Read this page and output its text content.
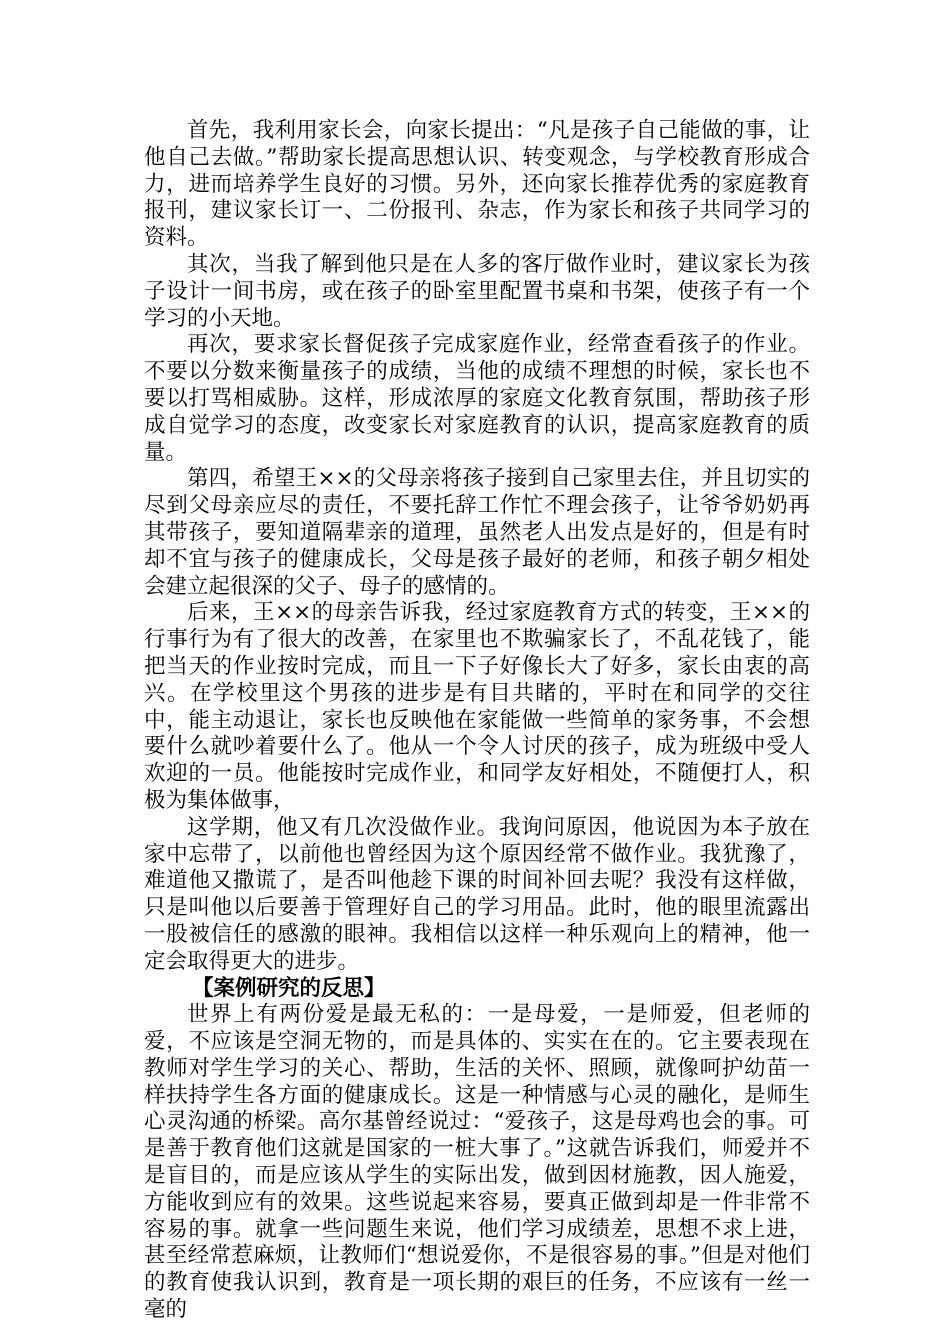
首先，我利用家长会，向家长提出：“凡是孩子自己能做的事，让他自己去做。”帮助家长提高思想认识、转变观念，与学校教育形成合力，进而培养学生良好的习惯。另外，还向家长推荐优秀的家庭教育报刊，建议家长订一、二份报刊、杂志，作为家长和孩子共同学习的资料。

其次，当我了解到他只是在人多的客厅做作业时，建议家长为孩子设计一间书房，或在孩子的卧室里配置书桌和书架，使孩子有一个学习的小天地。

再次，要求家长督促孩子完成家庭作业，经常查看孩子的作业。不要以分数来衡量孩子的成绩，当他的成绩不理想的时候，家长也不要以打骂相威胁。这样，形成浓厚的家庭文化教育氛围，帮助孩子形成自觉学习的态度，改变家长对家庭教育的认识，提高家庭教育的质量。

第四，希望王××的父母亲将孩子接到自己家里去住，并且切实的尽到父母亲应尽的责任，不要托辞工作忙不理会孩子，让爷爷奶奶再其带孩子，要知道隔辈亲的道理，虽然老人出发点是好的，但是有时却不宜与孩子的健康成长，父母是孩子最好的老师，和孩子朝夕相处会建立起很深的父子、母子的感情的。

后来，王××的母亲告诉我，经过家庭教育方式的转变，王××的行事行为有了很大的改善，在家里也不欺骗家长了，不乱花钱了，能把当天的作业按时完成，而且一下子好像长大了好多，家长由衷的高兴。在学校里这个男孩的进步是有目共睹的，平时在和同学的交往中，能主动退让，家长也反映他在家能做一些简单的家务事，不会想要什么就吵着要什么了。他从一个令人讨厌的孩子，成为班级中受人欢迎的一员。他能按时完成作业，和同学友好相处，不随便打人，积极为集体做事，

这学期，他又有几次没做作业。我询问原因，他说因为本子放在家中忘带了，以前他也曾经因为这个原因经常不做作业。我犹豫了，难道他又撒谎了，是否叫他趁下课的时间补回去呢？我没有这样做，只是叫他以后要善于管理好自己的学习用品。此时，他的眼里流露出一股被信任的感激的眼神。我相信以这样一种乐观向上的精神，他一定会取得更大的进步。

【案例研究的反思】

世界上有两份爱是最无私的：一是母爱，一是师爱，但老师的爱，不应该是空洞无物的，而是具体的、实实在在的。它主要表现在教师对学生学习的关心、帮助，生活的关怀、照顾，就像呵护幼苗一样扶持学生各方面的健康成长。这是一种情感与心灵的融化，是师生心灵沟通的桥梁。高尔基曾经说过：“爱孩子，这是母鸡也会的事。可是善于教育他们这就是国家的一桩大事了。”这就告诉我们，师爱并不是盲目的，而是应该从学生的实际出发，做到因材施教，因人施爱，方能收到应有的效果。这些说起来容易，要真正做到却是一件非常不容易的事。就拿一些问题生来说，他们学习成绩差，思想不求上进，甚至经常惹麻烦，让教师们“想说爱你，不是很容易的事。”但是对他们的教育使我认识到，教育是一项长期的艰巨的任务，不应该有一丝一毫的
